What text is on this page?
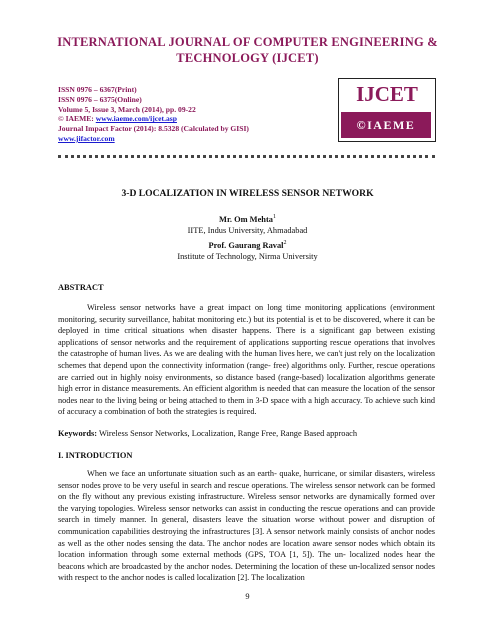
INTERNATIONAL JOURNAL OF COMPUTER ENGINEERING &
TECHNOLOGY (IJCET)
ISSN 0976 – 6367(Print)
ISSN 0976 – 6375(Online)
Volume 5, Issue 3, March (2014), pp. 09-22
© IAEME: www.iaeme.com/ijcet.asp
Journal Impact Factor (2014): 8.5328 (Calculated by GISI)
www.jifactor.com
IJCET
©IAEME
3-D LOCALIZATION IN WIRELESS SENSOR NETWORK
Mr. Om Mehta$^1$
IITE, Indus University, Ahmadabad
Prof. Gaurang Raval$^2$
Institute of Technology, Nirma University
ABSTRACT

Wireless sensor networks have a great impact on long time monitoring applications (environment monitoring, security surveillance, habitat monitoring etc.) but its potential is et to be discovered, where it can be deployed in time critical situations when disaster happens. There is a significant gap between existing applications of sensor networks and the requirement of applications supporting rescue operations that involves the catastrophe of human lives. As we are dealing with the human lives here, we can't just rely on the localization schemes that depend upon the connectivity information (range- free) algorithms only. Further, rescue operations are carried out in highly noisy environments, so distance based (range-based) localization algorithms generate high error in distance measurements. An efficient algorithm is needed that can measure the location of the sensor nodes near to the living being or being attached to them in 3-D space with a high accuracy. To achieve such kind of accuracy a combination of both the strategies is required.

Keywords: Wireless Sensor Networks, Localization, Range Free, Range Based approach
I. INTRODUCTION

When we face an unfortunate situation such as an earth- quake, hurricane, or similar disasters, wireless sensor nodes prove to be very useful in search and rescue operations. The wireless sensor network can be formed on the fly without any previous existing infrastructure. Wireless sensor networks are dynamically formed over the varying topologies. Wireless sensor networks can assist in conducting the rescue operations and can provide search in timely manner. In general, disasters leave the situation worse without power and disruption of communication capabilities destroying the infrastructures [3]. A sensor network mainly consists of anchor nodes as well as the other nodes sensing the data. The anchor nodes are location aware sensor nodes which obtain its location information through some external methods (GPS, TOA [1, 5]). The un- localized nodes hear the beacons which are broadcasted by the anchor nodes. Determining the location of these un-localized sensor nodes with respect to the anchor nodes is called localization [2]. The localization

9
